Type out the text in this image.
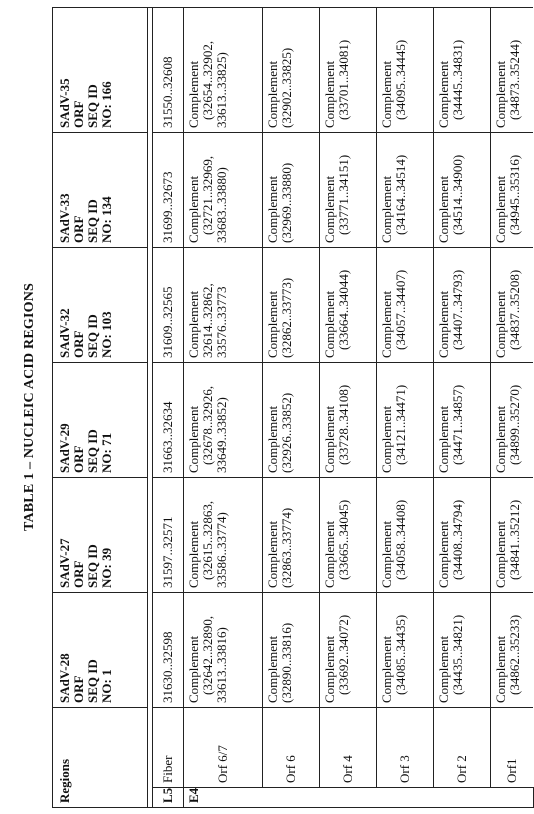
TABLE 1 – NUCLEIC ACID REGIONS
Regions		SAdV-28
ORF
SEQ ID
NO: 1	SAdV-27
ORF
SEQ ID
NO: 39	SAdV-29
ORF
SEQ ID
NO: 71	SAdV-32
ORF
SEQ ID
NO: 103	SAdV-33
ORF
SEQ ID
NO: 134	SAdV-35
ORF
SEQ ID
NO: 166

L5	Fiber	31630..32598	31597..32571	31663..32634	31609..32565	31699..32673	31550..32608
E4	Orf 6/7	Complement (32642..32890, 33613..33816)	Complement (32615..32863, 33586..33774)	Complement (32678..32926, 33649..33852)	Complement 32614..32862, 33576..33773	Complement (32721..32969, 33683..33880)	Complement (32654..32902, 33613..33825)

	Orf 6	Complement (32890..33816)	Complement (32863..33774)	Complement (32926..33852)	Complement (32862..33773)	Complement (32969..33880)	Complement (32902..33825)

	Orf 4	Complement (33692..34072)	Complement (33665..34045)	Complement (33728..34108)	Complement (33664..34044)	Complement (33771..34151)	Complement (33701..34081)

	Orf 3	Complement (34085..34435)	Complement (34058..34408)	Complement (34121..34471)	Complement (34057..34407)	Complement (34164..34514)	Complement (34095..34445)

	Orf 2	Complement (34435..34821)	Complement (34408..34794)	Complement (34471..34857)	Complement (34407..34793)	Complement (34514..34900)	Complement (34445..34831)

	Orf1	Complement (34862..35233)	Complement (34841..35212)	Complement (34899..35270)	Complement (34837..35208)	Complement (34945..35316)	Complement (34873..35244)
